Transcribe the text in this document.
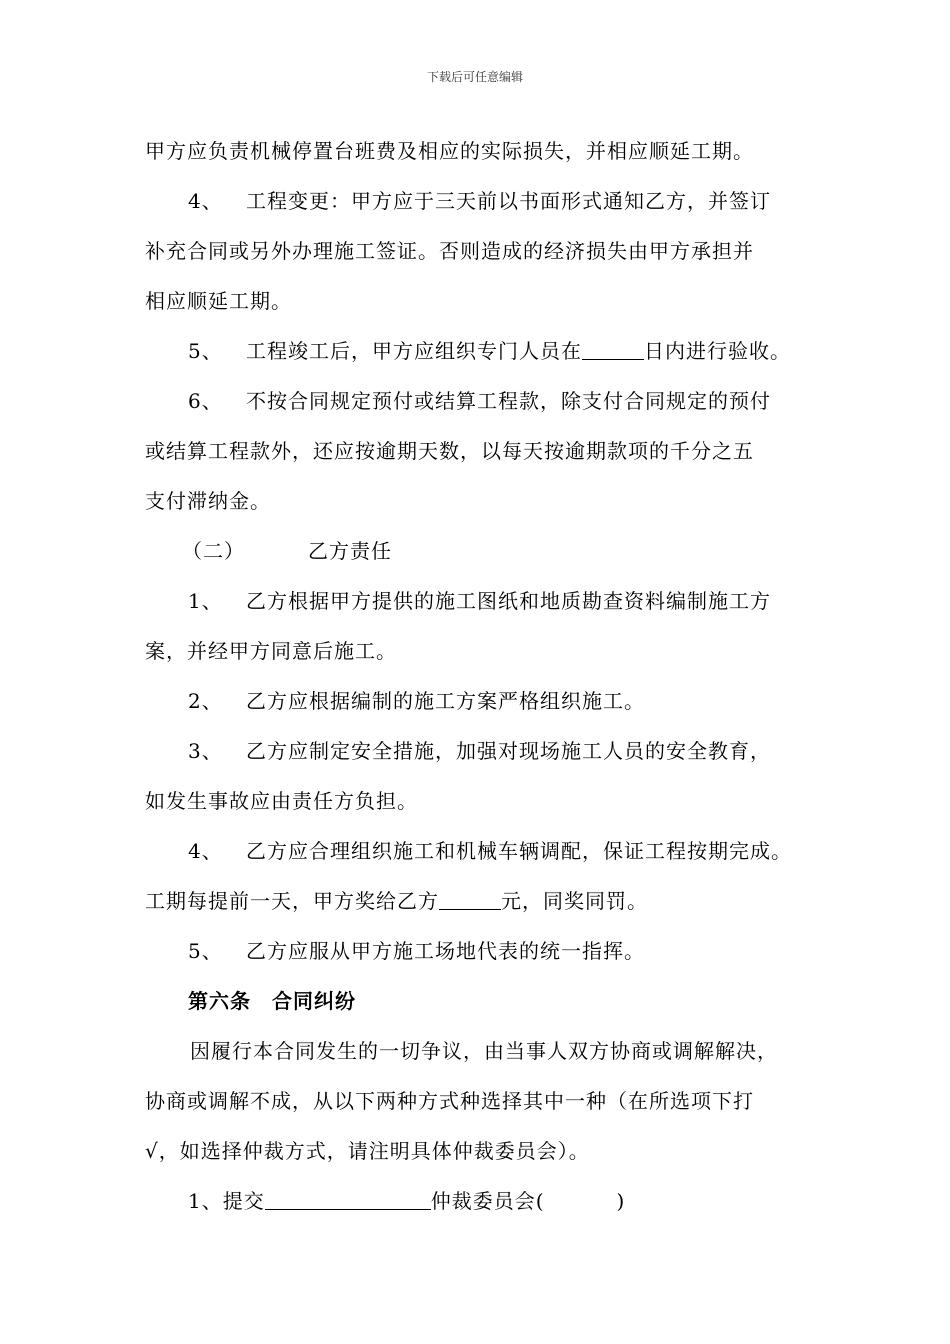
下载后可任意编辑
甲方应负责机械停置台班费及相应的实际损失，并相应顺延工期。
4、 工程变更：甲方应于三天前以书面形式通知乙方，并签订
补充合同或另外办理施工签证。否则造成的经济损失由甲方承担并
相应顺延工期。
5、 工程竣工后，甲方应组织专门人员在	日内进行验收。
6、 不按合同规定预付或结算工程款，除支付合同规定的预付
或结算工程款外，还应按逾期天数，以每天按逾期款项的千分之五
支付滞纳金。
（二）	乙方责任
1、 乙方根据甲方提供的施工图纸和地质勘查资料编制施工方
案，并经甲方同意后施工。
2、 乙方应根据编制的施工方案严格组织施工。
3、 乙方应制定安全措施，加强对现场施工人员的安全教育，
如发生事故应由责任方负担。
4、 乙方应合理组织施工和机械车辆调配，保证工程按期完成。
工期每提前一天，甲方奖给乙方	元，同奖同罚。
5、 乙方应服从甲方施工场地代表的统一指挥。
第六条　合同纠纷
因履行本合同发生的一切争议，由当事人双方协商或调解解决，
协商或调解不成，从以下两种方式种选择其中一种（在所选项下打
√，如选择仲裁方式，请注明具体仲裁委员会）。
1、提交	仲裁委员会(	)
